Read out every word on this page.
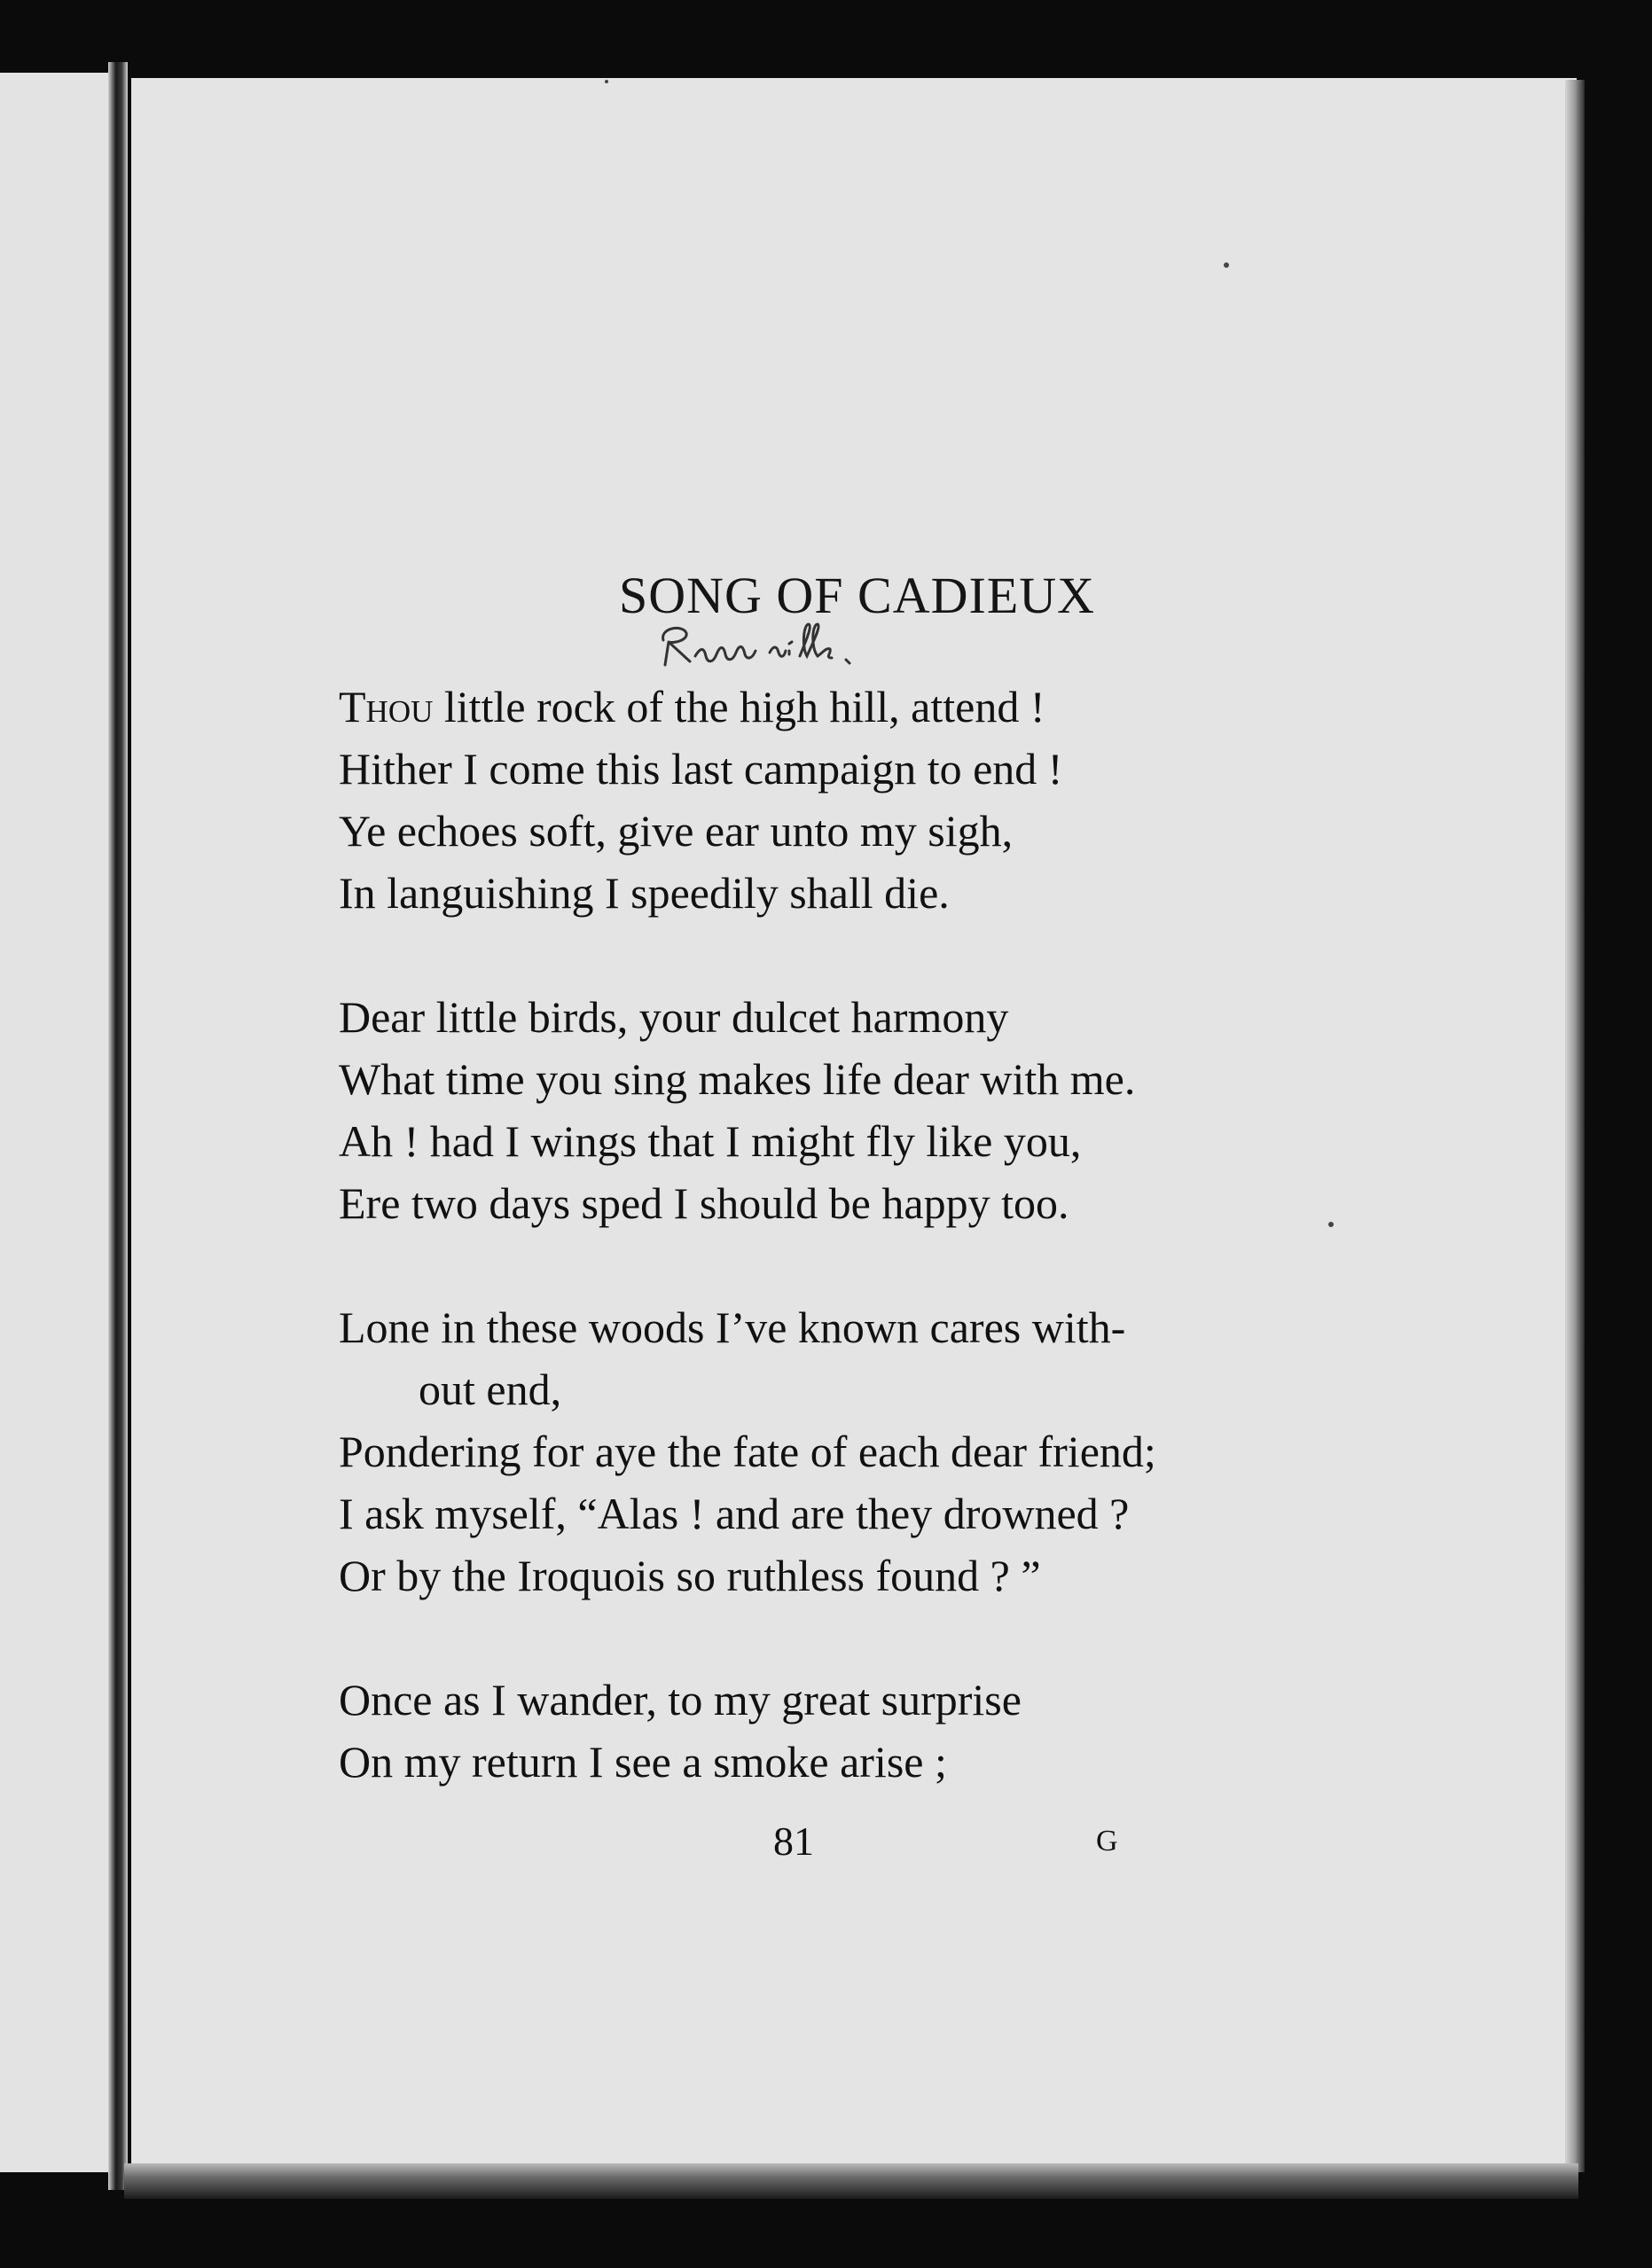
SONG OF CADIEUX
Thou little rock of the high hill, attend !
Hither I come this last campaign to end !
Ye echoes soft, give ear unto my sigh,
In languishing I speedily shall die.
Dear little birds, your dulcet harmony
What time you sing makes life dear with me.
Ah ! had I wings that I might fly like you,
Ere two days sped I should be happy too.
Lone in these woods I’ve known cares with-
out end,
Pondering for aye the fate of each dear friend;
I ask myself, “Alas ! and are they drowned ?
Or by the Iroquois so ruthless found ? ”
Once as I wander, to my great surprise
On my return I see a smoke arise ;
81	G
